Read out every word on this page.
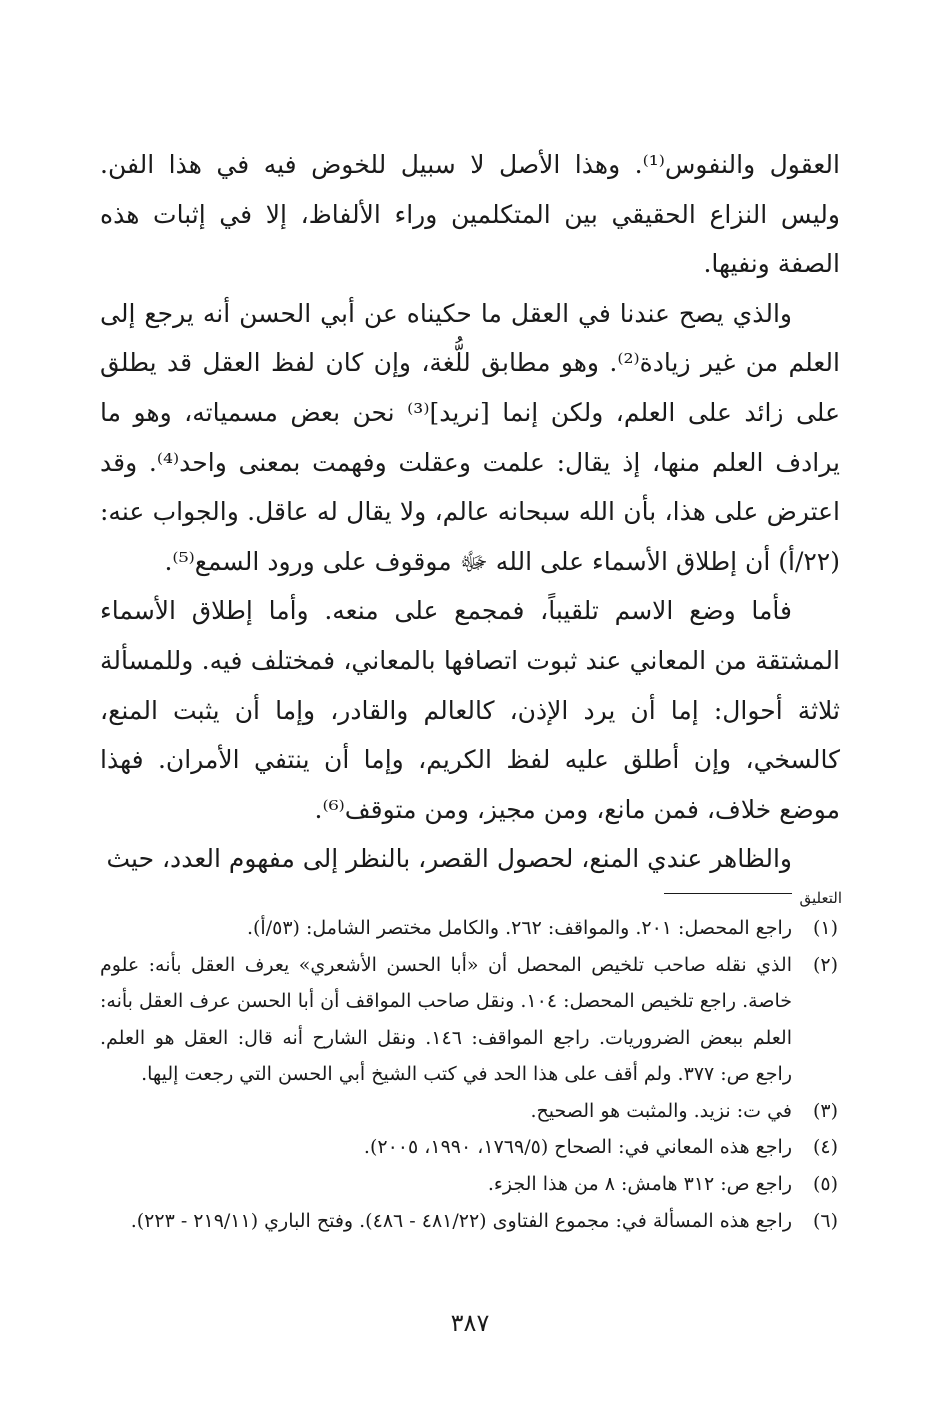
العقول والنفوس⁽¹⁾. وهذا الأصل لا سبيل للخوض فيه في هذا الفن. وليس النزاع الحقيقي بين المتكلمين وراء الألفاظ، إلا في إثبات هذه الصفة ونفيها.

والذي يصح عندنا في العقل ما حكيناه عن أبي الحسن أنه يرجع إلى العلم من غير زيادة⁽²⁾. وهو مطابق للُّغة، وإن كان لفظ العقل قد يطلق على زائد على العلم، ولكن إنما [نريد]⁽³⁾ نحن بعض مسمياته، وهو ما يرادف العلم منها، إذ يقال: علمت وعقلت وفهمت بمعنى واحد⁽⁴⁾. وقد اعترض على هذا، بأن الله سبحانه عالم، ولا يقال له عاقل. والجواب عنه: (٢٢/أ) أن إطلاق الأسماء على الله ﷻ موقوف على ورود السمع⁽⁵⁾.

فأما وضع الاسم تلقيباً، فمجمع على منعه. وأما إطلاق الأسماء المشتقة من المعاني عند ثبوت اتصافها بالمعاني، فمختلف فيه. وللمسألة ثلاثة أحوال: إما أن يرد الإذن، كالعالم والقادر، وإما أن يثبت المنع، كالسخي، وإن أطلق عليه لفظ الكريم، وإما أن ينتفي الأمران. فهذا موضع خلاف، فمن مانع، ومن مجيز، ومن متوقف⁽⁶⁾.

والظاهر عندي المنع، لحصول القصر، بالنظر إلى مفهوم العدد، حيث

التعليق
(١)
راجع المحصل: ٢٠١. والمواقف: ٢٦٢. والكامل مختصر الشامل: (٥٣/أ).
(٢)
الذي نقله صاحب تلخيص المحصل أن «أبا الحسن الأشعري» يعرف العقل بأنه: علوم خاصة. راجع تلخيص المحصل: ١٠٤. ونقل صاحب المواقف أن أبا الحسن عرف العقل بأنه: العلم ببعض الضروريات. راجع المواقف: ١٤٦. ونقل الشارح أنه قال: العقل هو العلم. راجع ص: ٣٧٧. ولم أقف على هذا الحد في كتب الشيخ أبي الحسن التي رجعت إليها.
(٣)
في ت: نزيد. والمثبت هو الصحيح.
(٤)
راجع هذه المعاني في: الصحاح (١٧٦٩/٥، ١٩٩٠، ٢٠٠٥).
(٥)
راجع ص: ٣١٢ هامش: ٨ من هذا الجزء.
(٦)
راجع هذه المسألة في: مجموع الفتاوى (٤٨١/٢٢ - ٤٨٦). وفتح الباري (٢١٩/١١ - ٢٢٣).
٣٨٧
